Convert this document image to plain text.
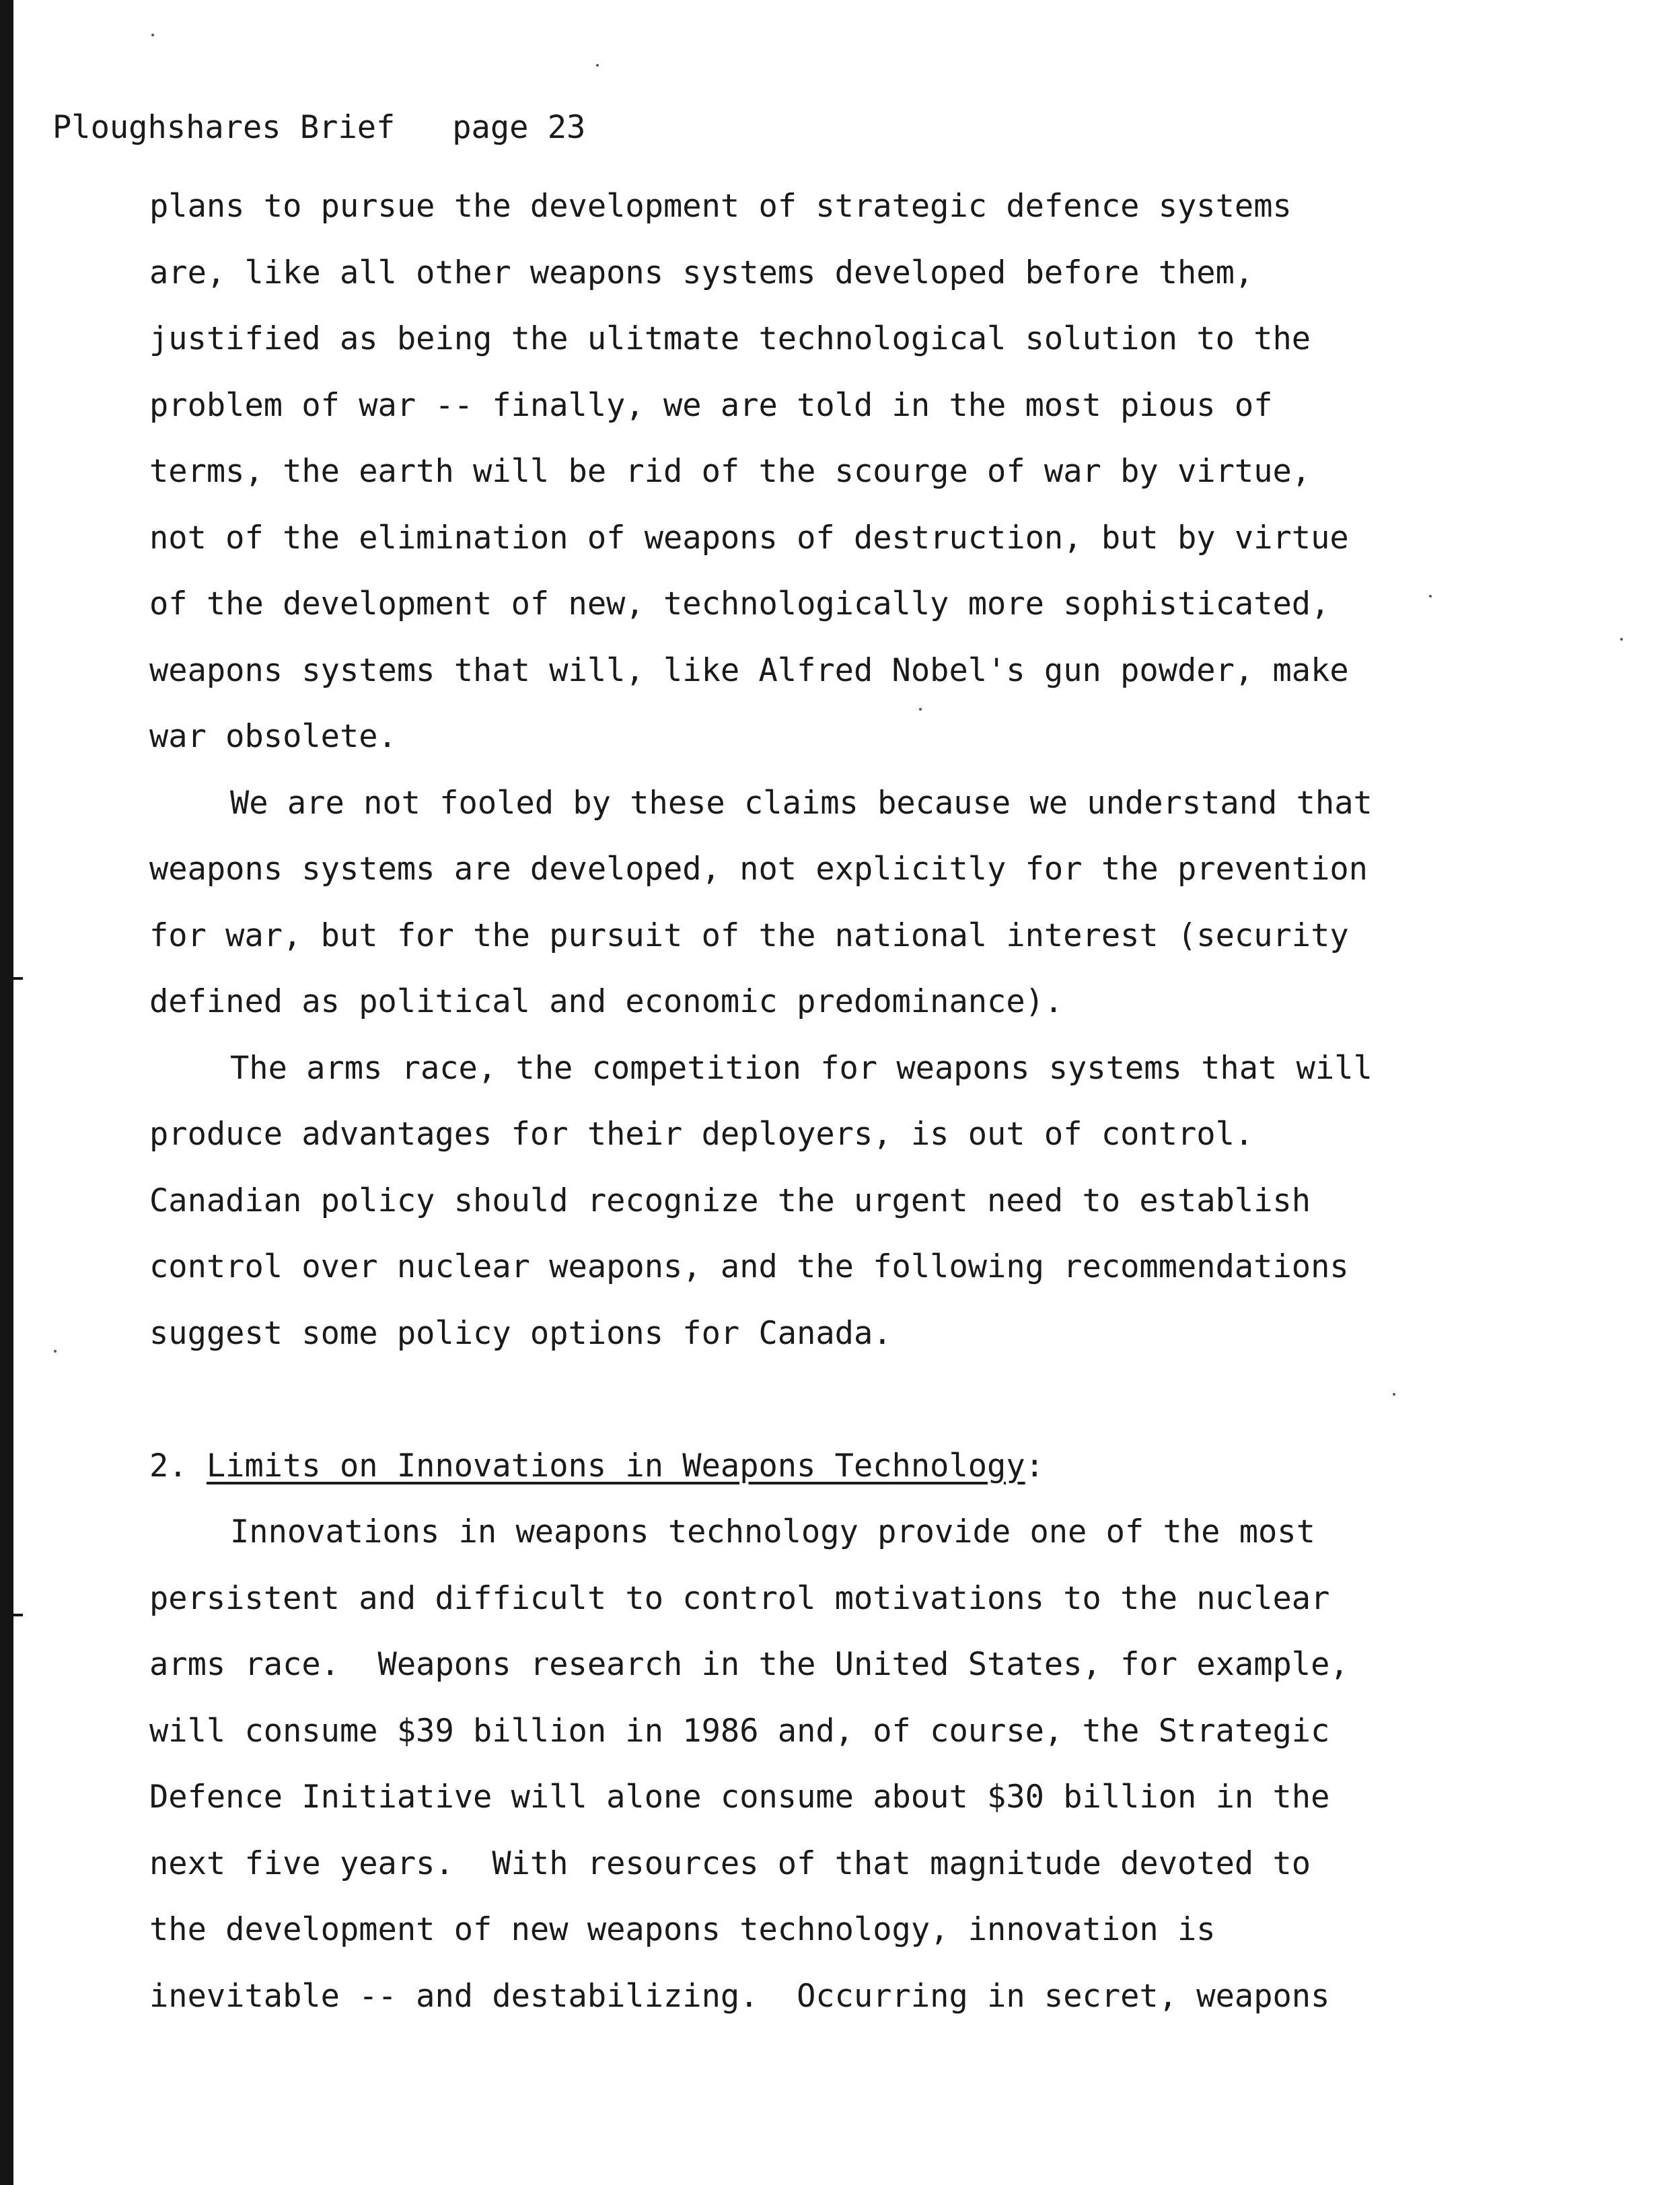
Ploughshares Brief page 23
plans to pursue the development of strategic defence systems
are, like all other weapons systems developed before them,
justified as being the ulitmate technological solution to the
problem of war -- finally, we are told in the most pious of
terms, the earth will be rid of the scourge of war by virtue,
not of the elimination of weapons of destruction, but by virtue
of the development of new, technologically more sophisticated,
weapons systems that will, like Alfred Nobel's gun powder, make
war obsolete.
We are not fooled by these claims because we understand that
weapons systems are developed, not explicitly for the prevention
for war, but for the pursuit of the national interest (security
defined as political and economic predominance).
The arms race, the competition for weapons systems that will
produce advantages for their deployers, is out of control.
Canadian policy should recognize the urgent need to establish
control over nuclear weapons, and the following recommendations
suggest some policy options for Canada.
2. Limits on Innovations in Weapons Technology:
Innovations in weapons technology provide one of the most
persistent and difficult to control motivations to the nuclear
arms race.  Weapons research in the United States, for example,
will consume $39 billion in 1986 and, of course, the Strategic
Defence Initiative will alone consume about $30 billion in the
next five years.  With resources of that magnitude devoted to
the development of new weapons technology, innovation is
inevitable -- and destabilizing.  Occurring in secret, weapons
